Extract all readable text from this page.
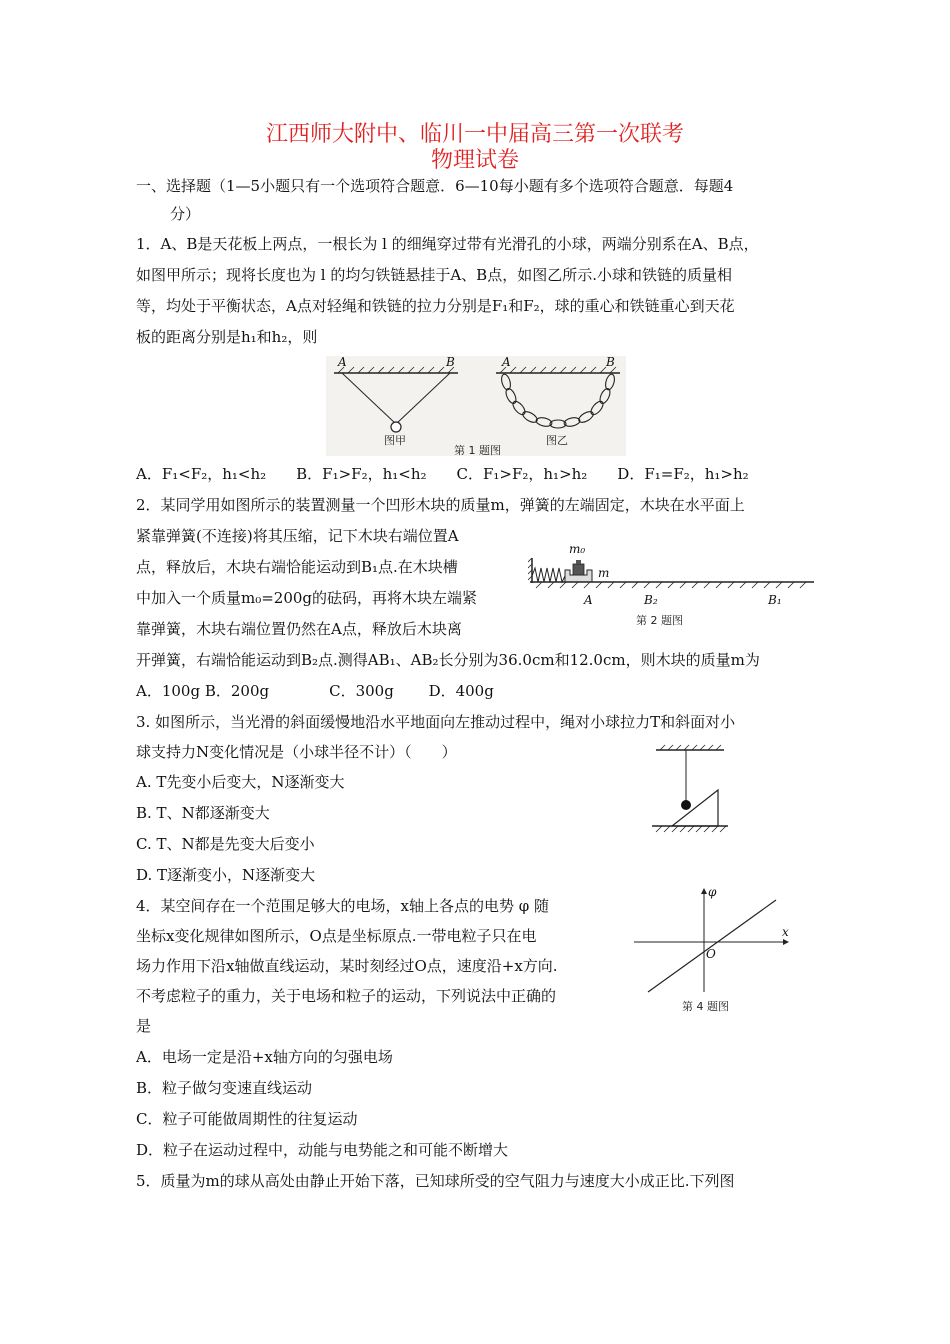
江西师大附中、临川一中届高三第一次联考
物理试卷
一、选择题（1—5小题只有一个选项符合题意．6—10每小题有多个选项符合题意．每题4
分）
1．A、B是天花板上两点，一根长为 l 的细绳穿过带有光滑孔的小球，两端分别系在A、B点，
如图甲所示；现将长度也为 l 的均匀铁链悬挂于A、B点，如图乙所示.小球和铁链的质量相
等，均处于平衡状态，A点对轻绳和铁链的拉力分别是F₁和F₂，球的重心和铁链重心到天花
板的距离分别是h₁和h₂，则
A	B
图甲
A	B
图乙
第 1 题图
A．F₁<F₂，h₁<h₂　　B．F₁>F₂，h₁<h₂　　C．F₁>F₂，h₁>h₂　　D．F₁=F₂，h₁>h₂
2．某同学用如图所示的装置测量一个凹形木块的质量m，弹簧的左端固定，木块在水平面上
紧靠弹簧(不连接)将其压缩，记下木块右端位置A
点，释放后，木块右端恰能运动到B₁点.在木块槽
中加入一个质量m₀=200g的砝码，再将木块左端紧
靠弹簧，木块右端位置仍然在A点，释放后木块离
开弹簧，右端恰能运动到B₂点.测得AB₁、AB₂长分别为36.0cm和12.0cm，则木块的质量m为
m₀
m
A	B₂	B₁
第 2 题图
A．100g B．200g　　　　C．300g　　 D．400g
3. 如图所示，当光滑的斜面缓慢地沿水平地面向左推动过程中，绳对小球拉力T和斜面对小
球支持力N变化情况是（小球半径不计）（　　）
A. T先变小后变大，N逐渐变大
B. T、N都逐渐变大
C. T、N都是先变大后变小
D. T逐渐变小，N逐渐变大
4．某空间存在一个范围足够大的电场，x轴上各点的电势 φ 随
坐标x变化规律如图所示，O点是坐标原点.一带电粒子只在电
场力作用下沿x轴做直线运动，某时刻经过O点，速度沿+x方向.
不考虑粒子的重力，关于电场和粒子的运动，下列说法中正确的
是
A．电场一定是沿+x轴方向的匀强电场
B．粒子做匀变速直线运动
C．粒子可能做周期性的往复运动
D．粒子在运动过程中，动能与电势能之和可能不断增大
φ
x
O
第 4 题图
5．质量为m的球从高处由静止开始下落，已知球所受的空气阻力与速度大小成正比.下列图
